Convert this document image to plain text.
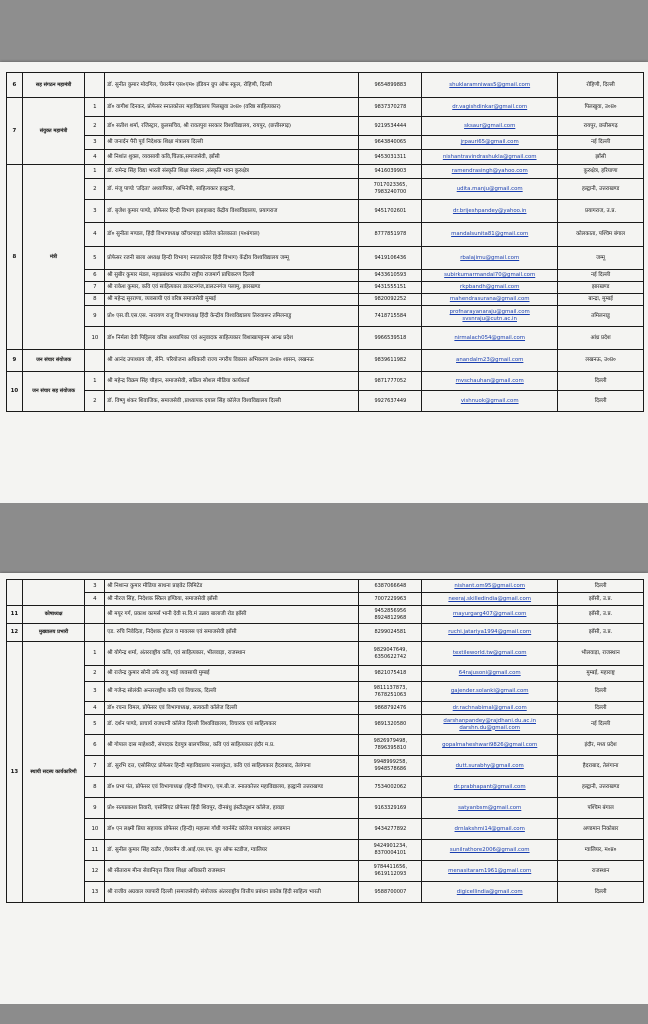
6	सह संगठन महामंत्री		डॉ. सुनीत कुमार मोदगिल, चेयरमैन एस०एम० इंडियन ग्रुप ऑफ स्कूल, रोहिणी, दिल्ली	9654899883	shuklaramniwas5@gmail.com	रोहिणी, दिल्ली
7	संयुक्त महामंत्री	1	डॉ० वागीश दिनकर, प्रोफेसर स्नातकोत्तर महाविद्यालय पिलखुवा उ०प्र० (वरिष्ठ साहित्यकार)	9837370278	dr.vagishdinkar@gmail.com	पिलखुवा, उ०प्र०
		2	डॉ० सतीश शर्मा, रजिस्ट्रार, कुलसचिव, श्री रावतपुरा सरकार विश्वविद्यालय, रायपुर, (छत्तीसगढ़)	9219534444	sksaur@gmail.com	रायपुर, छत्तीसगढ़
		3	श्री जनार्दन पैरी पूर्व निदेशक शिक्षा मंत्रालय दिल्ली	9643840065	jrpauri65@gmail.com	नई दिल्ली
		4	श्री निशांत शुक्ल, व्यवसायी कवि,चिंतक,समाजसेवी, झाँसी	9453031311	nishantravindrashukla@gmail.com	झाँसी
8	मंत्री	1	डॉ. रामेन्द्र सिंह विद्या भारती संस्कृति शिक्षा संस्थान ,संस्कृति भवन कुरुक्षेत्र	9416039903	ramendrasingh@yahoo.com	कुरुक्षेत्र, हरियाणा
		2	डॉ. मंजू पाण्डे 'उदिता' अध्यापिका, अभिनेत्री, साहित्यकार हल्द्वानी,	7017023365, 7983240700	udita.manju@gmail.com	हल्द्वानी, उत्तराखण्ड
		3	डॉ. बृजेश कुमार पाण्डे, प्रोफेसर हिन्दी विभाग इलाहाबाद केंद्रीय विश्वविद्यालय, प्रयागराज	9451702601	dr.brijeshpandey@yahoo.in	प्रयागराज, उ.प्र.
		4	डॉ० सुनीता मण्डल, हिंदी विभागाध्यक्ष कौंचरपाड़ा कॉलेज कोलकाता (प०बंगाल)	8777851978	mandalsunita81@gmail.com	कोलकाता, पश्चिम बंगाल
		5	प्रोफेसर रजनी बाला अध्यक्ष हिन्दी विभाग( स्नातकोत्तर हिंदी विभाग) केंद्रीय विश्वविद्यालय जम्मू	9419106436	rbalajimu@gmail.com	जम्मू
		6	श्री सुबीर कुमार मंडल, महाप्रबंधक भारतीय राष्ट्रीय राजमार्ग प्राधिकरण दिल्ली	9433610593	subirkumarmandal70@gmail.com	नई दिल्ली
		7	श्री राकेश कुमार, कवि एवं साहित्यकार डालटनगंज,डालटनगंज पलामू, झारखण्ड	9431555151	rkpbandh@gmail.com	झारखण्ड
		8	श्री महेन्द्र सुरराणा, व्यवसायी एवं वरिष्ठ समाजसेवी मुम्बई	9820092252	mahendrasurana@gmail.com	बान्द्रा, मुम्बई
		9	प्रो० एस.वी.एस.एस. नारायण राजू विभागाध्यक्ष हिंदी केन्द्रीय विश्वविद्यालय तिरुवारूर तमिलनाडु	7418715584	profnarayanaraju@gmail.com svsnraju@cutn.ac.in	तमिलनाडु
		10	डॉ० निर्मला देवी पिट्टिल्ला वरिष्ठ अध्यापिका एवं अनुवादक साहित्यकार विशाखापट्टनम आन्ध्र प्रदेश	9966539518	nirmalach054@gmail.com	आंध्र प्रदेश
9	जन संचार संयोजक		श्री आनंद उपाध्याय जी, सेनि. परियोजना अधिकारी राज्य नगरीय विकास अभिकरण उ०प्र० शासन, लखनऊ	9839611982	anandalm23@gmail.com	लखनऊ, उ०प्र०
10	जन संचार सह संयोजक	1	श्री महेन्द्र विक्रम सिंह चौहान, समाजसेवी, सक्रिय सोशल मीडिया कार्यकर्ता	9871777052	mvschauhan@gmail.com	दिल्ली
		2	डॉ. विष्णु शंकर शिवाजिक, समाजसेवी ,प्राध्यापक दयाल सिंह कॉलेज विश्वविद्यालय दिल्ली	9927637449	vishnuok@gmail.com	दिल्ली
		3	श्री निशान्त कुमार मीडिया साधना प्राइवेट लिमिटेड	6387066648	nishant.om95@gmail.com	दिल्ली
		4	श्री नीरज सिंह, निदेशक स्किल इण्डिया, समाजसेवी झाँसी	7007229963	neeraj.skilledindia@gmail.com	झाँसी, उ.प्र.
11	कोषाध्यक्ष		श्री मयूर गर्ग, प्रकाश कामर्स भानी देवी स.वि.मं उन्नाव बालाजी रोड झाँसी	9452856956 8924812968	mayurgarg407@gmail.com	झाँसी, उ.प्र.
12	मुख्यालय प्रभारी		एड. रुचि निवेदिता, निदेशक होटल व मावलस एवं समाजसेवी झाँसी	8299024581	ruchi.jatariya1994@gmail.com	झाँसी, उ.प्र.
13	स्थायी सदस्य कार्यकारिणी	1	श्री योगेन्द्र शर्मा, अंतरराष्ट्रीय कवि, एवं साहित्यकार, भीलवाड़ा, राजस्थान	9829047649, 6350622742	textileworld.tw@gmail.com	भीलवाड़ा, राजस्थान
		2	श्री राजेन्द्र कुमार सोनी उर्फ राजू भाई व्यवसायी मुम्बई	9821075418	64rajusoni@gmail.com	मुम्बई, महाराष्ट्र
		3	श्री गजेन्द्र सोलंकी अन्तरराष्ट्रीय कवि एवं विचारक, दिल्ली	9811137873, 7678251063	gajender.solanki@gmail.com	दिल्ली
		4	डॉ० रचना विमल, प्रोफेसर एवं विभागाध्यक्ष, सत्यवती कॉलेज दिल्ली	9868792476	dr.rachnabimal@gmail.com	दिल्ली
		5	डॉ. दर्शन पाण्डे, प्राचार्य राजधानी कॉलेज दिल्ली विश्वविद्यालय, विचारक एवं साहित्यकार	9891320580	darshanpandey@rajdhani.du.ac.in darshn.du@gmail.com	नई दिल्ली
		6	श्री गोपाल दास माहेश्वरी, संपादक देवपुत्र बालपत्रिका, कवि एवं साहित्यकार इंदौर म.प्र.	9826979498, 7896395810	gopalmaheshwari9826@gmail.com	इंदौर, मध्य प्रदेश
		7	डॉ. सुरभि दत्त, एसोसिएट प्रोफेसर हिन्दी महाविद्यालय नल्लाकुंटा, कवि एवं साहित्यकार हैदराबाद, तेलंगाना	9948999258, 9948578686	dutt.surabhy@gmail.com	हैदराबाद, तेलंगाना
		8	डॉ० प्रभा पंत, प्रोफेसर एवं विभागाध्यक्ष (हिन्दी विभाग), एम.बी.ज. स्नातकोत्तर महाविद्यालय, हल्द्वानी उत्तराखण्ड	7534002062	dr.prabhapant@gmail.com	हल्द्वानी, उत्तराखण्ड
		9	प्रो० सत्यप्रकाश तिवारी, एसोसिएट प्रोफेसर हिंदी शिवपुर, दीनबंधु इंस्टीट्यूशन कॉलेज, हावड़ा	9163329169	satyanbsm@gmail.com	पश्चिम बंगाल
		10	डॉ० एन लक्ष्मी प्रिया सहायक प्रोफेसर (हिन्दी) महात्मा गाँधी गवर्नमेंट कॉलेज मायाबंदर अण्डमान	9434277892	drnlakshmi14@gmail.com	अण्डमान निकोबार
		11	डॉ. सुनील कुमार सिंह राठौर ,चेयरमैन वी.आई.एस.एम. ग्रुप ऑफ स्टडीज, ग्वालियर	9424901234, 8370004101	sunilrathore2006@gmail.com	ग्वालियर, म०प्र०
		12	श्री सीताराम मीना सेवानिवृत्त जिला शिक्षा अधिकारी राजस्थान	9784411656, 9619112093	menasitaram1961@gmail.com	राजस्थान
		13	श्री राजीव अग्रवाल व्यापारी दिल्ली (समाजसेवी) संयोजक अंतरराष्ट्रीय वित्तीय प्रबंधन प्रकोष्ठ हिंदी साहित्य भारती	9588700007	digicellindia@gmail.com	दिल्ली
